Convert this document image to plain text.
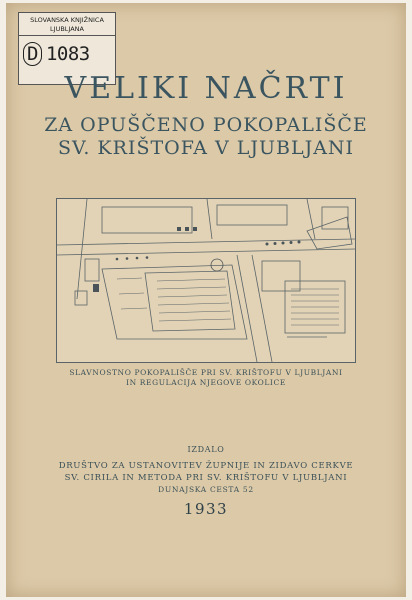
SLOVANSKA KNJIŽNICA
LJUBLJANA
D 1083
VELIKI NAČRTI
ZA OPUŠČENO POKOPALIŠČE
SV. KRIŠTOFA V LJUBLJANI
SLAVNOSTNO POKOPALIŠČE PRI SV. KRIŠTOFU V LJUBLJANI
IN REGULACIJA NJEGOVE OKOLICE
IZDALO
DRUŠTVO ZA USTANOVITEV ŽUPNIJE IN ZIDAVO CERKVE
SV. CIRILA IN METODA PRI SV. KRIŠTOFU V LJUBLJANI
DUNAJSKA CESTA 52
1933
